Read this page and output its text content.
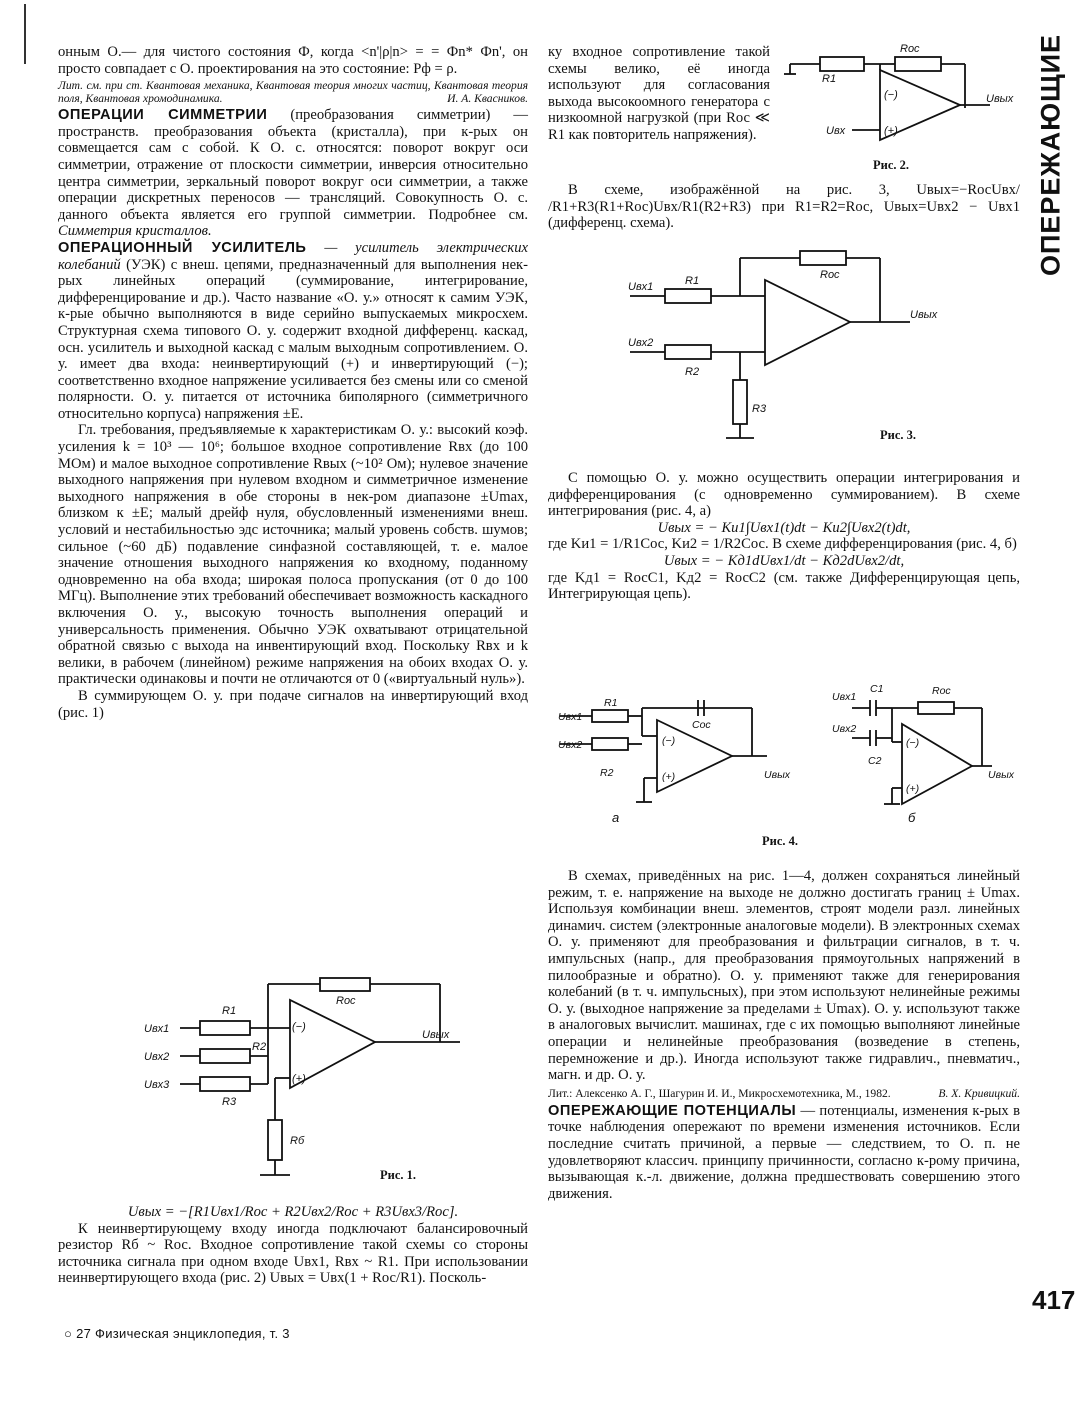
ОПЕРЕЖАЮЩИЕ

онным О.— для чистого состояния Ф, когда <n'|ρ|n> = = Фn* Фn', он просто совпадает с О. проектирования на это состояние: Рф = ρ.

Лит. см. при ст. Квантовая механика, Квантовая теория многих частиц, Квантовая теория поля, Квантовая хромодинамика.	И. А. Квасников.

ОПЕРАЦИИ СИММЕТРИИ (преобразования симметрии) — пространств. преобразования объекта (кристалла), при к-рых он совмещается сам с собой. К О. с. относятся: поворот вокруг оси симметрии, отражение от плоскости симметрии, инверсия относительно центра симметрии, зеркальный поворот вокруг оси симметрии, а также операции дискретных переносов — трансляций. Совокупность О. с. данного объекта является его группой симметрии. Подробнее см. Симметрия кристаллов.

ОПЕРАЦИОННЫЙ УСИЛИТЕЛЬ — усилитель электрических колебаний (УЭК) с внеш. цепями, предназначенный для выполнения нек-рых линейных операций (суммирование, интегрирование, дифференцирование и др.). Часто название «О. у.» относят к самим УЭК, к-рые обычно выполняются в виде серийно выпускаемых микросхем. Структурная схема типового О. у. содержит входной дифференц. каскад, осн. усилитель и выходной каскад с малым выходным сопротивлением. О. у. имеет два входа: неинвертирующий (+) и инвертирующий (−); соответственно входное напряжение усиливается без смены или со сменой полярности. О. у. питается от источника биполярного (симметричного относительно корпуса) напряжения ±E.

Гл. требования, предъявляемые к характеристикам О. у.: высокий коэф. усиления k = 10³ — 10⁶; большое входное сопротивление Rвх (до 100 МОм) и малое выходное сопротивление Rвых (~10² Ом); нулевое значение выходного напряжения при нулевом входном и симметричное изменение выходного напряжения в обе стороны в нек-ром диапазоне ±Umax, близком к ±E; малый дрейф нуля, обусловленный изменениями внеш. условий и нестабильностью эдс источника; малый уровень собств. шумов; сильное (~60 дБ) подавление синфазной составляющей, т. е. малое значение отношения выходного напряжения ко входному, поданному одновременно на оба входа; широкая полоса пропускания (от 0 до 100 МГц). Выполнение этих требований обеспечивает возможность каскадного включения О. у., высокую точность выполнения операций и универсальность применения. Обычно УЭК охватывают отрицательной обратной связью с выхода на инвентирующий вход. Поскольку Rвх и k велики, в рабочем (линейном) режиме напряжения на обоих входах О. у. практически одинаковы и почти не отличаются от 0 («виртуальный нуль»).

В суммирующем О. у. при подаче сигналов на инвертирующий вход (рис. 1)

Rос
R1
R2
R3
Uвх1
Uвх2
Uвх3
Uвых
(−)
(+)
Rб
Рис. 1.

Uвых = −[R1Uвх1/Rос + R2Uвх2/Rос + R3Uвх3/Rос].

К неинвертирующему входу иногда подключают балансировочный резистор Rб ~ Rос. Входное сопротивление такой схемы со стороны источника сигнала при одном входе Uвх1, Rвх ~ R1. При использовании неинвертирующего входа (рис. 2) Uвых = Uвх(1 + Rос/R1). Посколь-

○ 27 Физическая энциклопедия, т. 3

ку входное сопротивление такой схемы велико, её иногда используют для согласования выхода высокоомного генератора с низкоомной нагрузкой (при Rос ≪ R1 как повторитель напряжения).

R1
Rос
(−)
(+)
Uвх
Uвых
Рис. 2.

В схеме, изображённой на рис. 3, Uвых=−RосUвх/ /R1+R3(R1+Rос)Uвх/R1(R2+R3) при R1=R2=Rос, Uвых=Uвх2 − Uвх1 (дифференц. схема).

Rос
R1
R2
R3
Uвх1
Uвх2
Uвых
Рис. 3.

С помощью О. у. можно осуществить операции интегрирования и дифференцирования (с одновременно суммированием). В схеме интегрирования (рис. 4, а)

Uвых = − Kи1∫Uвх1(t)dt − Kи2∫Uвх2(t)dt,

где Kи1 = 1/R1Cос, Kи2 = 1/R2Cос. В схеме дифференцирования (рис. 4, б)

Uвых = − Kд1dUвх1/dt − Kд2dUвх2/dt,

где Kд1 = RосC1, Kд2 = RосC2 (см. также Дифференцирующая цепь, Интегрирующая цепь).

Cос
R1
R2
Uвх1
Uвх2	(−)
(+)	Uвых
Rос
C1
C2
Uвх1
Uвх2
(−)
(+)
Uвых
а	б
Рис. 4.

В схемах, приведённых на рис. 1—4, должен сохраняться линейный режим, т. е. напряжение на выходе не должно достигать границ ± Umax. Используя комбинации внеш. элементов, строят модели разл. линейных динамич. систем (электронные аналоговые модели). В электронных схемах О. у. применяют для преобразования и фильтрации сигналов, в т. ч. импульсных (напр., для преобразования прямоугольных напряжений в пилообразные и обратно). О. у. применяют также для генерирования колебаний (в т. ч. импульсных), при этом используют нелинейные режимы О. у. (выходное напряжение за пределами ± Umax). О. у. используют также в аналоговых вычислит. машинах, где с их помощью выполняют линейные операции и нелинейные преобразования (возведение в степень, перемножение и др.). Иногда используют также гидравлич., пневматич., магн. и др. О. у.

Лит.: Алексенко А. Г., Шагурин И. И., Микросхемотехника, М., 1982.	В. Х. Кривицкий.

ОПЕРЕЖАЮЩИЕ ПОТЕНЦИАЛЫ — потенциалы, изменения к-рых в точке наблюдения опережают по времени изменения источников. Если последние считать причиной, а первые — следствием, то О. п. не удовлетворяют классич. принципу причинности, согласно к-рому причина, вызывающая к.-л. движение, должна предшествовать совершению этого движения.

417
